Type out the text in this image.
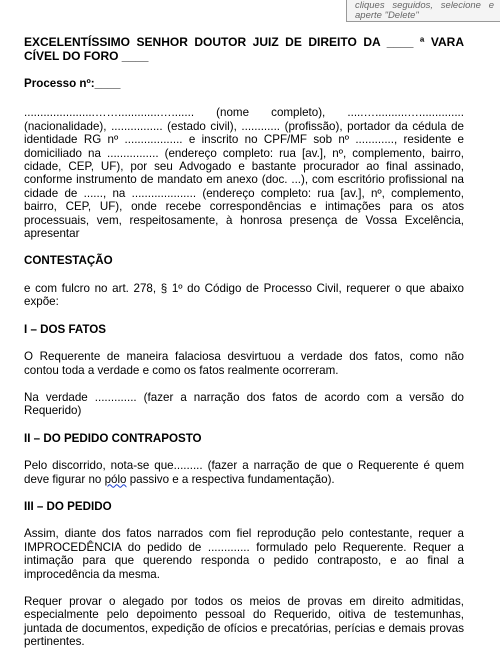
cliques seguidos, selecione e
aperte "Delete"

EXCELENTÍSSIMO SENHOR DOUTOR JUIZ DE DIREITO DA ____ ª VARA CÍVEL DO FORO ____

Processo nº:____

......................…….............…....... (nome completo), .....…..........….............. (nacionalidade), ................ (estado civil), ............ (profissão), portador da cédula de identidade RG nº .................. e inscrito no CPF/MF sob nº ............, residente e domiciliado na ................ (endereço completo: rua [av.], nº, complemento, bairro, cidade, CEP, UF), por seu Advogado e bastante procurador ao final assinado, conforme instrumento de mandato em anexo (doc. ...), com escritório profissional na cidade de ......, na .................... (endereço completo: rua [av.], nº, complemento, bairro, CEP, UF), onde recebe correspondências e intimações para os atos processuais, vem, respeitosamente, à honrosa presença de Vossa Excelência, apresentar

CONTESTAÇÃO

e com fulcro no art. 278, § 1º do Código de Processo Civil, requerer o que abaixo expõe:

I – DOS FATOS

O Requerente de maneira falaciosa desvirtuou a verdade dos fatos, como não contou toda a verdade e como os fatos realmente ocorreram.

Na verdade ............. (fazer a narração dos fatos de acordo com a versão do Requerido)

II – DO PEDIDO CONTRAPOSTO

Pelo discorrido, nota-se que......... (fazer a narração de que o Requerente é quem deve figurar no pólo passivo e a respectiva fundamentação).

III – DO PEDIDO

Assim, diante dos fatos narrados com fiel reprodução pelo contestante, requer a IMPROCEDÊNCIA do pedido de ............. formulado pelo Requerente. Requer a intimação para que querendo responda o pedido contraposto, e ao final a improcedência da mesma.

Requer provar o alegado por todos os meios de provas em direito admitidas, especialmente pelo depoimento pessoal do Requerido, oitiva de testemunhas, juntada de documentos, expedição de ofícios e precatórias, perícias e demais provas pertinentes.
